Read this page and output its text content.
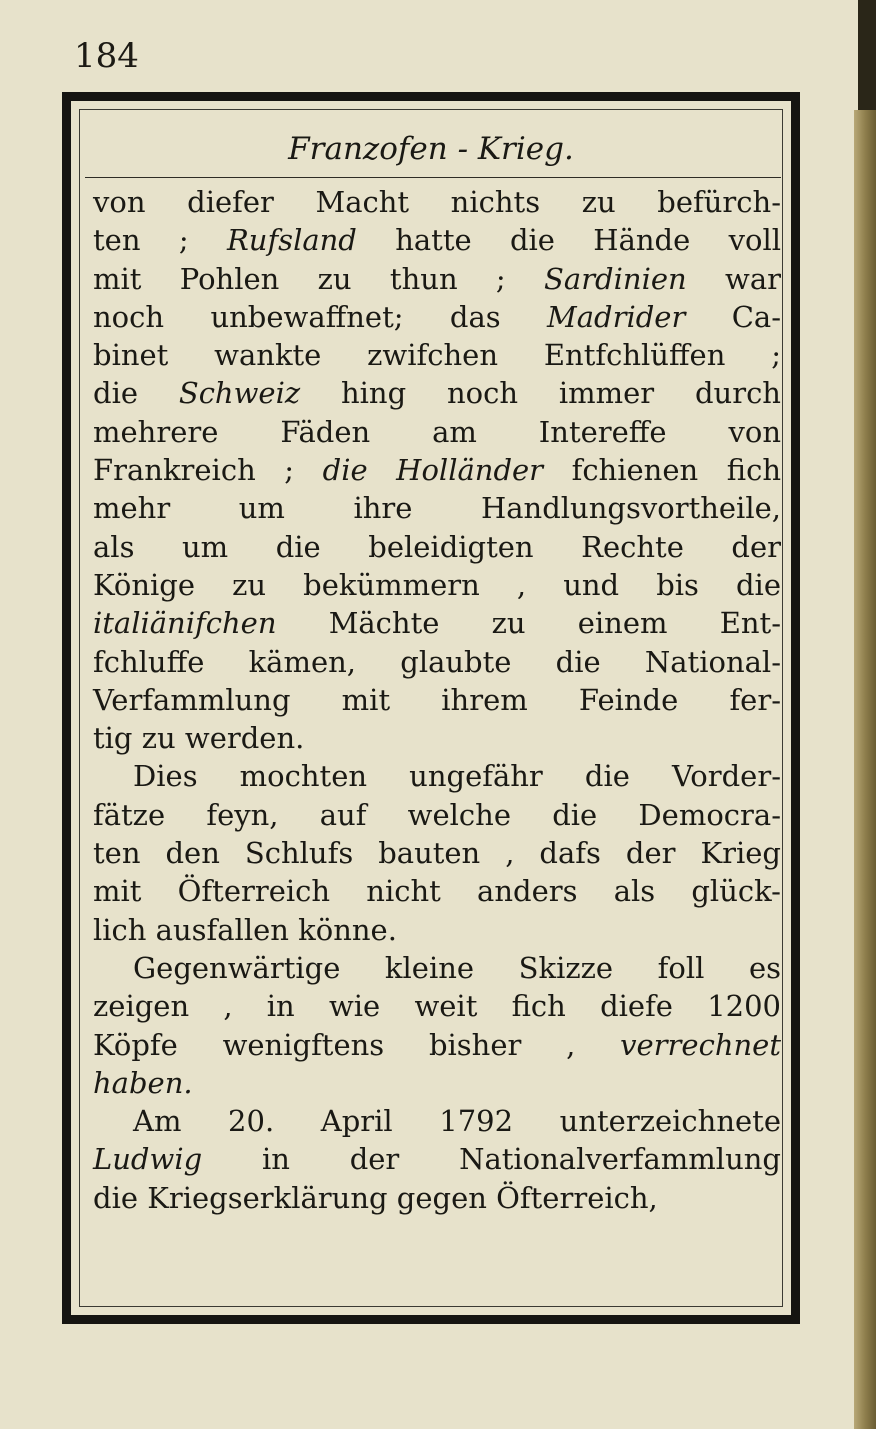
184
Franzofen - Krieg.
von diefer Macht nichts zu befürch-
ten ; Rufsland hatte die Hände voll
mit Pohlen zu thun ; Sardinien war
noch unbewaffnet; das Madrider Ca-
binet wankte zwifchen Entfchlüffen ;
die Schweiz hing noch immer durch
mehrere Fäden am Intereffe von
Frankreich ; die Holländer fchienen fich
mehr um ihre Handlungsvortheile,
als um die beleidigten Rechte der
Könige zu bekümmern , und bis die
italiänifchen Mächte zu einem Ent-
fchluffe kämen, glaubte die National-
Verfammlung mit ihrem Feinde fer-
tig zu werden.
Dies mochten ungefähr die Vorder-
fätze feyn, auf welche die Democra-
ten den Schlufs bauten , dafs der Krieg
mit Öfterreich nicht anders als glück-
lich ausfallen könne.
Gegenwärtige kleine Skizze foll es
zeigen , in wie weit fich diefe 1200
Köpfe wenigftens bisher , verrechnet
haben.
Am 20. April 1792 unterzeichnete
Ludwig in der Nationalverfammlung
die Kriegserklärung gegen Öfterreich,
